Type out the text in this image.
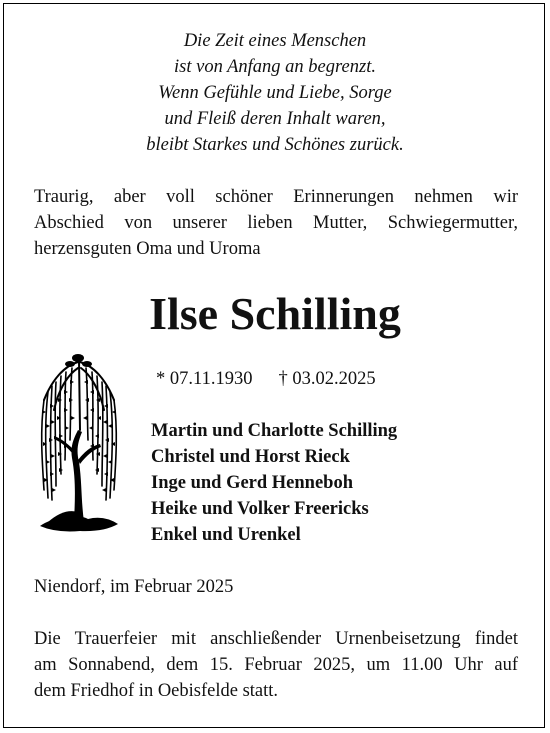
Die Zeit eines Menschen
ist von Anfang an begrenzt.
Wenn Gefühle und Liebe, Sorge
und Fleiß deren Inhalt waren,
bleibt Starkes und Schönes zurück.
Traurig, aber voll schöner Erinnerungen nehmen wir
Abschied von unserer lieben Mutter, Schwiegermutter,
herzensguten Oma und Uroma
Ilse Schilling
* 07.11.1930 † 03.02.2025
Martin und Charlotte Schilling
Christel und Horst Rieck
Inge und Gerd Henneboh
Heike und Volker Freericks
Enkel und Urenkel
Niendorf, im Februar 2025
Die Trauerfeier mit anschließender Urnenbeisetzung findet
am Sonnabend, dem 15. Februar 2025, um 11.00 Uhr auf
dem Friedhof in Oebisfelde statt.
